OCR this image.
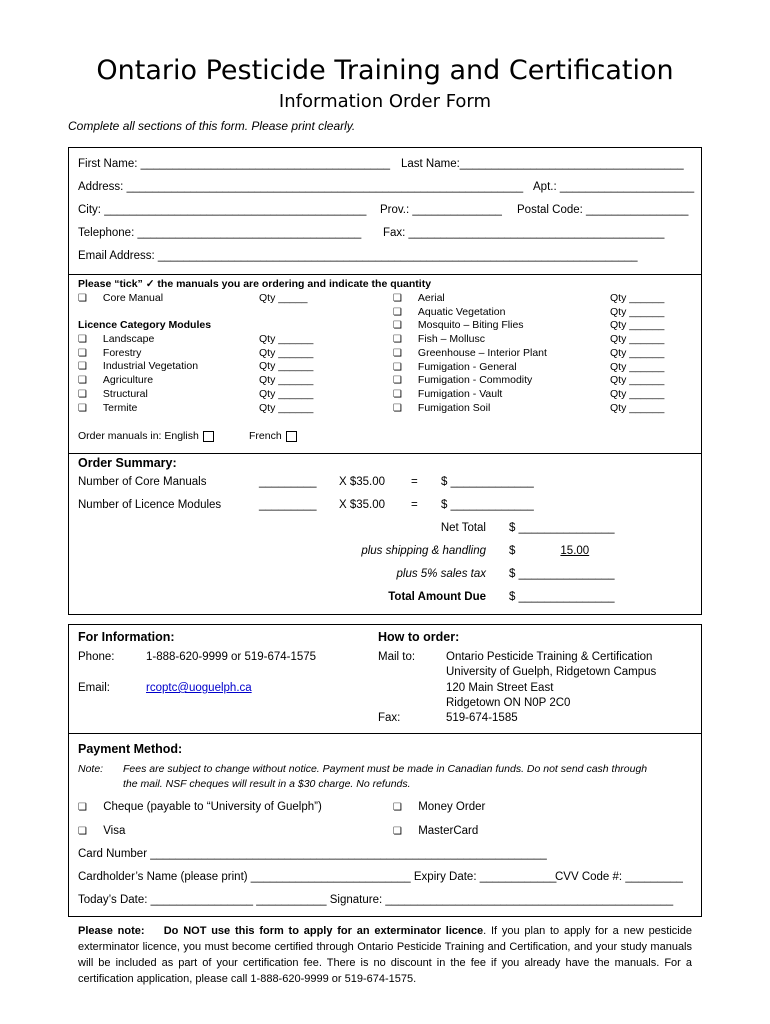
Ontario Pesticide Training and Certification
Information Order Form
Complete all sections of this form. Please print clearly.
First Name: _______________________________________ Last Name:___________________________________
Address: ______________________________________________________________ Apt.: _____________________
City: _________________________________________ Prov.: ______________ Postal Code: ________________
Telephone: ___________________________________ Fax: ________________________________________
Email Address: ___________________________________________________________________________
Please “tick” ✓ the manuals you are ordering and indicate the quantity
❏ Core Manual	Qty _____
Licence Category Modules
❏ Landscape	Qty ______
❏ Forestry	Qty ______
❏ Industrial Vegetation	Qty ______
❏ Agriculture	Qty ______
❏ Structural	Qty ______
❏ Termite	Qty ______
❏ Aerial	Qty ______
❏ Aquatic Vegetation	Qty ______
❏ Mosquito – Biting Flies	Qty ______
❏ Fish – Mollusc	Qty ______
❏ Greenhouse – Interior Plant	Qty ______
❏ Fumigation - General	Qty ______
❏ Fumigation - Commodity	Qty ______
❏ Fumigation - Vault	Qty ______
❏ Fumigation Soil	Qty ______
Order manuals in: English	French
Order Summary:
Number of Core Manuals	_________ X $35.00 = $ _____________
Number of Licence Modules	_________ X $35.00 = $ _____________
Net Total $ _______________
plus shipping & handling $	15.00
plus 5% sales tax $ _______________
Total Amount Due $ _______________
For Information:
Phone:	1-888-620-9999 or 519-674-1575
Email:	rcoptc@uoguelph.ca
How to order:
Mail to:	Ontario Pesticide Training & Certification
University of Guelph, Ridgetown Campus
120 Main Street East
Ridgetown ON N0P 2C0
Fax:	519-674-1585
Payment Method:
Note: Fees are subject to change without notice. Payment must be made in Canadian funds. Do not send cash through
the mail. NSF cheques will result in a $30 charge. No refunds.
❏ Cheque (payable to “University of Guelph”)	❏ Money Order
❏ Visa	❏ MasterCard
Card Number ______________________________________________________________
Cardholder’s Name (please print) _________________________ Expiry Date: ____________
CVV Code #: _________
Today’s Date: ________________ ___________ Signature: _____________________________________________
Please note: Do NOT use this form to apply for an exterminator licence. If you plan to apply for a new pesticide exterminator licence, you must become certified through Ontario Pesticide Training and Certification, and your study manuals will be included as part of your certification fee. There is no discount in the fee if you already have the manuals. For a certification application, please call 1-888-620-9999 or 519-674-1575.
